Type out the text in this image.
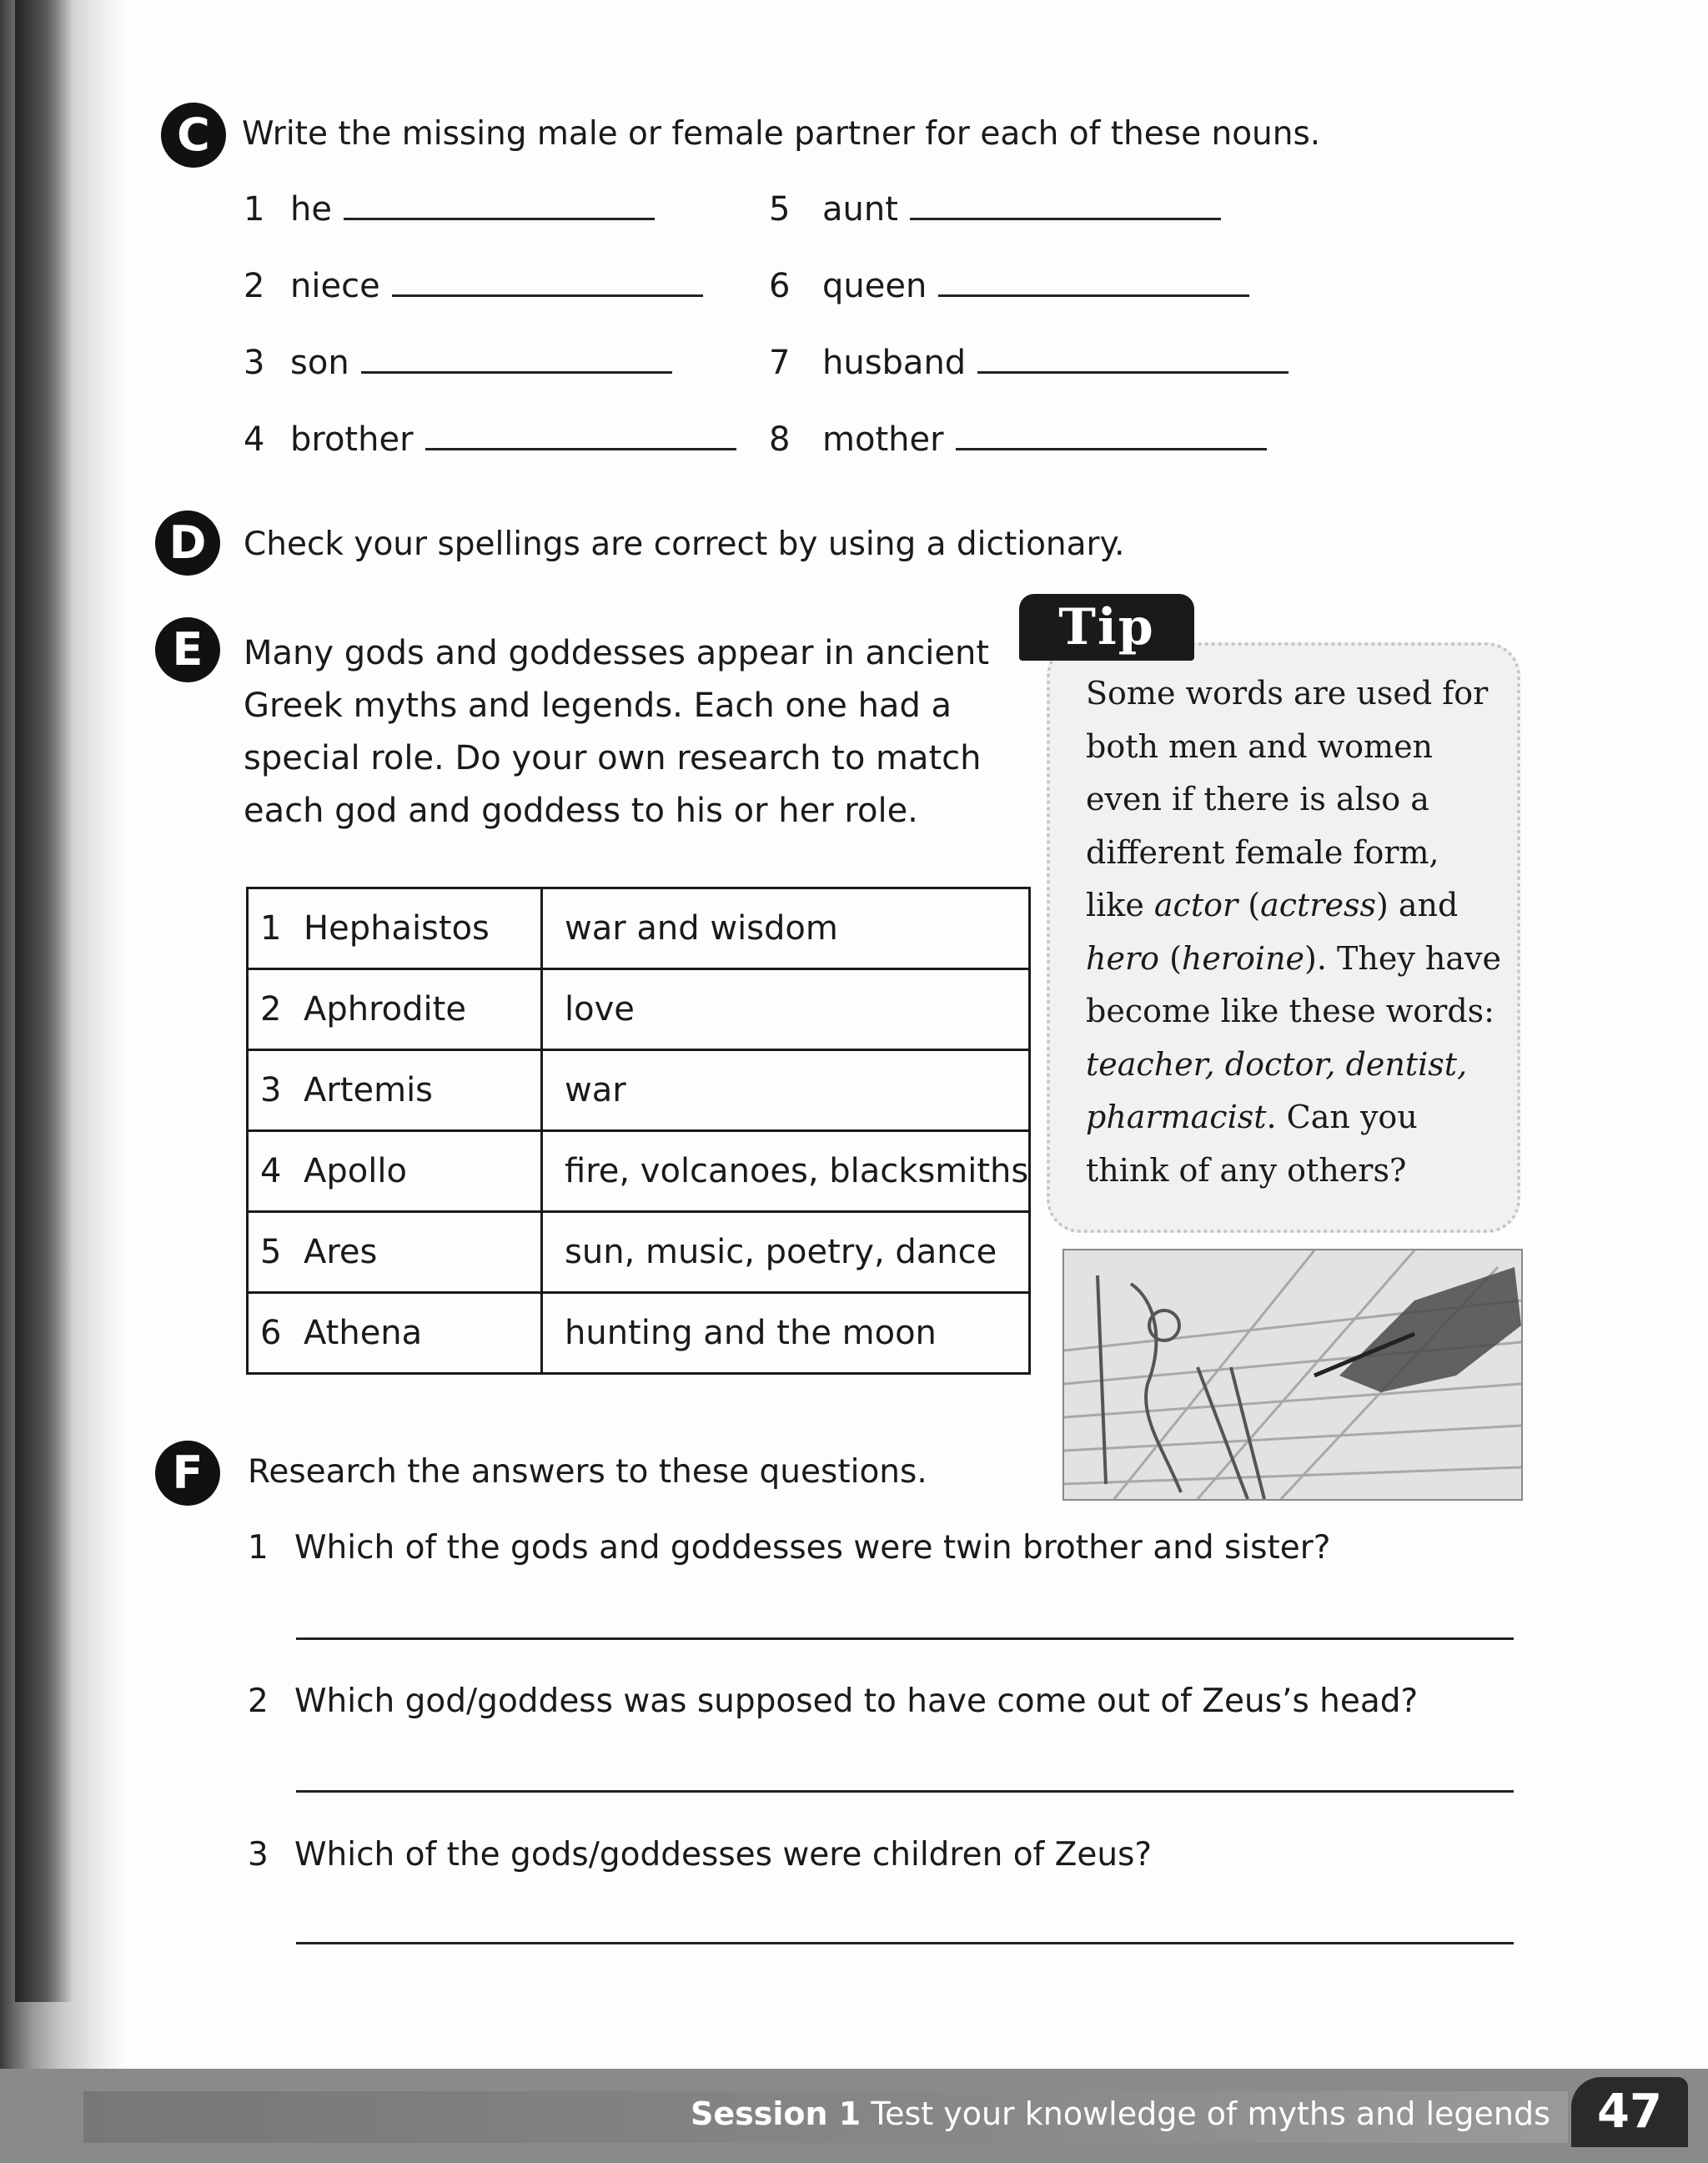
C Write the missing male or female partner for each of these nouns.
1 he
2 niece
3 son
4 brother
5 aunt
6 queen
7 husband
8 mother
D	Check your spellings are correct by using a dictionary.
E	Many gods and goddesses appear in ancient
Greek myths and legends. Each one had a
special role. Do your own research to match
each god and goddess to his or her role.
1 Hephaistos	war and wisdom
2 Aphrodite	love
3 Artemis	war
4 Apollo	fire, volcanoes, blacksmiths
5 Ares	sun, music, poetry, dance
6 Athena	hunting and the moon
Tip
Some words are used for
both men and women
even if there is also a
different female form,
like actor (actress) and
hero (heroine). They have
become like these words:
teacher, doctor, dentist,
pharmacist. Can you
think of any others?
F	Research the answers to these questions.
1 Which of the gods and goddesses were twin brother and sister?
2 Which god/goddess was supposed to have come out of Zeus’s head?
3 Which of the gods/goddesses were children of Zeus?
Session 1 Test your knowledge of myths and legends	47
